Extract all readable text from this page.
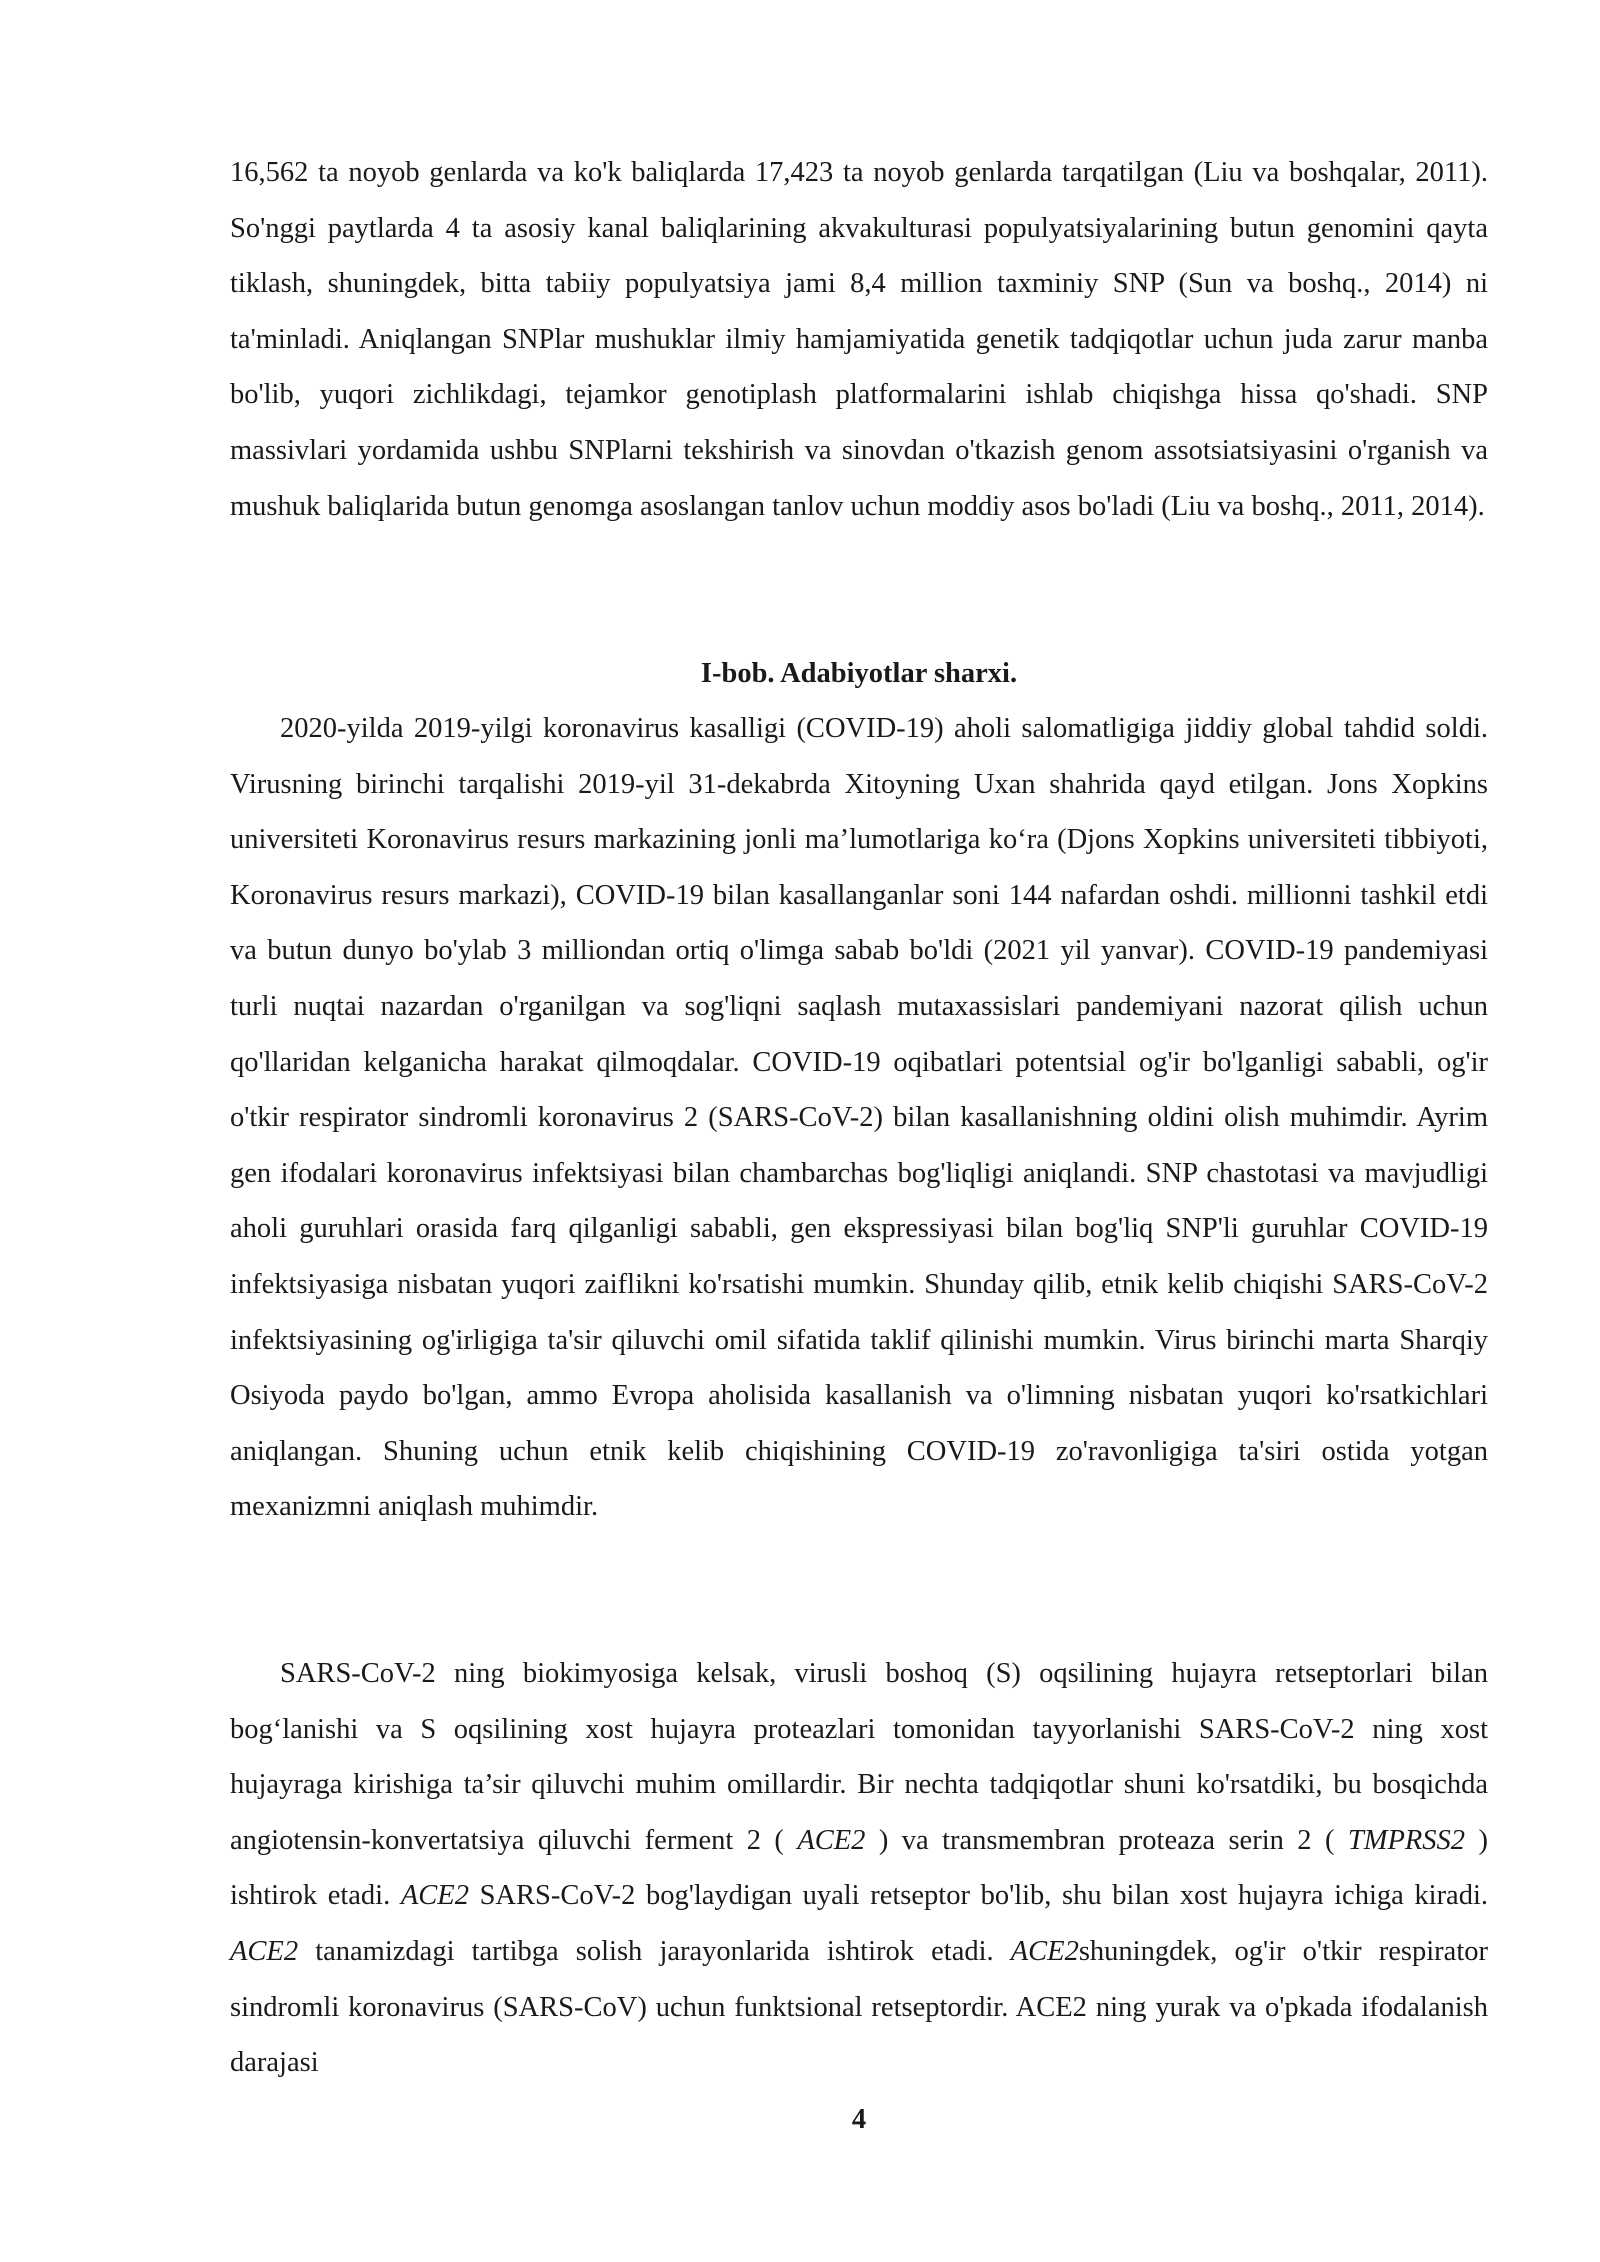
16,562 ta noyob genlarda va ko'k baliqlarda 17,423 ta noyob genlarda tarqatilgan (Liu va boshqalar, 2011). So'nggi paytlarda 4 ta asosiy kanal baliqlarining akvakulturasi populyatsiyalarining butun genomini qayta tiklash, shuningdek, bitta tabiiy populyatsiya jami 8,4 million taxminiy SNP (Sun va boshq., 2014) ni ta'minladi. Aniqlangan SNPlar mushuklar ilmiy hamjamiyatida genetik tadqiqotlar uchun juda zarur manba bo'lib, yuqori zichlikdagi, tejamkor genotiplash platformalarini ishlab chiqishga hissa qo'shadi. SNP massivlari yordamida ushbu SNPlarni tekshirish va sinovdan o'tkazish genom assotsiatsiyasini o'rganish va mushuk baliqlarida butun genomga asoslangan tanlov uchun moddiy asos bo'ladi (Liu va boshq., 2011, 2014).

I-bob. Adabiyotlar sharxi.

2020-yilda 2019-yilgi koronavirus kasalligi (COVID-19) aholi salomatligiga jiddiy global tahdid soldi. Virusning birinchi tarqalishi 2019-yil 31-dekabrda Xitoyning Uxan shahrida qayd etilgan. Jons Xopkins universiteti Koronavirus resurs markazining jonli ma’lumotlariga ko‘ra (Djons Xopkins universiteti tibbiyoti, Koronavirus resurs markazi), COVID-19 bilan kasallanganlar soni 144 nafardan oshdi. millionni tashkil etdi va butun dunyo bo'ylab 3 milliondan ortiq o'limga sabab bo'ldi (2021 yil yanvar). COVID-19 pandemiyasi turli nuqtai nazardan o'rganilgan va sog'liqni saqlash mutaxassislari pandemiyani nazorat qilish uchun qo'llaridan kelganicha harakat qilmoqdalar. COVID-19 oqibatlari potentsial og'ir bo'lganligi sababli, og'ir o'tkir respirator sindromli koronavirus 2 (SARS-CoV-2) bilan kasallanishning oldini olish muhimdir. Ayrim gen ifodalari koronavirus infektsiyasi bilan chambarchas bog'liqligi aniqlandi. SNP chastotasi va mavjudligi aholi guruhlari orasida farq qilganligi sababli, gen ekspressiyasi bilan bog'liq SNP'li guruhlar COVID-19 infektsiyasiga nisbatan yuqori zaiflikni ko'rsatishi mumkin. Shunday qilib, etnik kelib chiqishi SARS-CoV-2 infektsiyasining og'irligiga ta'sir qiluvchi omil sifatida taklif qilinishi mumkin. Virus birinchi marta Sharqiy Osiyoda paydo bo'lgan, ammo Evropa aholisida kasallanish va o'limning nisbatan yuqori ko'rsatkichlari aniqlangan. Shuning uchun etnik kelib chiqishining COVID-19 zo'ravonligiga ta'siri ostida yotgan mexanizmni aniqlash muhimdir.

SARS-CoV-2 ning biokimyosiga kelsak, virusli boshoq (S) oqsilining hujayra retseptorlari bilan bog‘lanishi va S oqsilining xost hujayra proteazlari tomonidan tayyorlanishi SARS-CoV-2 ning xost hujayraga kirishiga ta’sir qiluvchi muhim omillardir. Bir nechta tadqiqotlar shuni ko'rsatdiki, bu bosqichda angiotensin-konvertatsiya qiluvchi ferment 2 ( ACE2 ) va transmembran proteaza serin 2 ( TMPRSS2 ) ishtirok etadi. ACE2 SARS-CoV-2 bog'laydigan uyali retseptor bo'lib, shu bilan xost hujayra ichiga kiradi. ACE2 tanamizdagi tartibga solish jarayonlarida ishtirok etadi. ACE2shuningdek, og'ir o'tkir respirator sindromli koronavirus (SARS-CoV) uchun funktsional retseptordir. ACE2 ning yurak va o'pkada ifodalanish darajasi

4
